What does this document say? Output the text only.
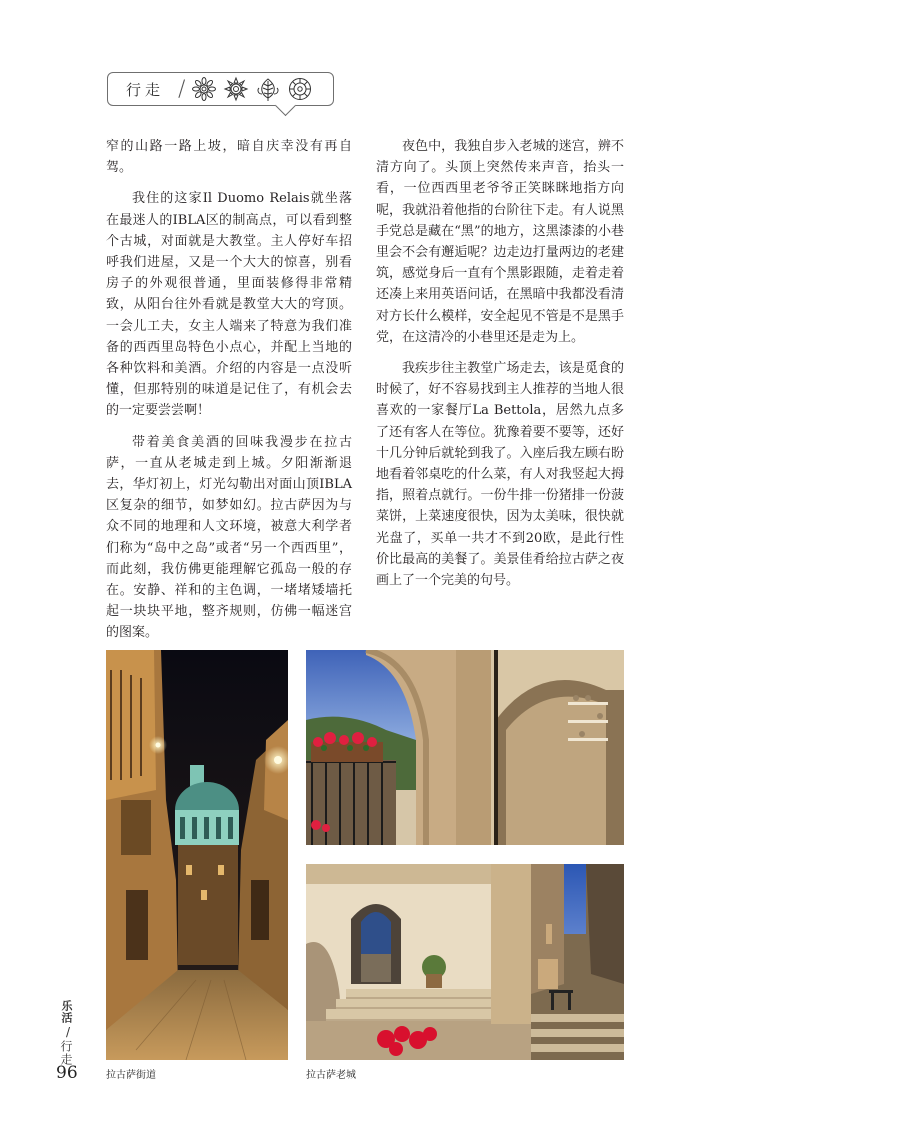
行走 /

窄的山路一路上坡，暗自庆幸没有再自驾。

我住的这家Il Duomo Relais就坐落在最迷人的IBLA区的制高点，可以看到整个古城，对面就是大教堂。主人停好车招呼我们进屋，又是一个大大的惊喜，别看房子的外观很普通，里面装修得非常精致，从阳台往外看就是教堂大大的穹顶。一会儿工夫，女主人端来了特意为我们准备的西西里岛特色小点心，并配上当地的各种饮料和美酒。介绍的内容是一点没听懂，但那特别的味道是记住了，有机会去的一定要尝尝啊！

带着美食美酒的回味我漫步在拉古萨，一直从老城走到上城。夕阳渐渐退去，华灯初上，灯光勾勒出对面山顶IBLA区复杂的细节，如梦如幻。拉古萨因为与众不同的地理和人文环境，被意大利学者们称为“岛中之岛”或者“另一个西西里”，而此刻，我仿佛更能理解它孤岛一般的存在。安静、祥和的主色调，一堵堵矮墙托起一块块平地，整齐规则，仿佛一幅迷宫的图案。

夜色中，我独自步入老城的迷宫，辨不清方向了。头顶上突然传来声音，抬头一看，一位西西里老爷爷正笑眯眯地指方向呢，我就沿着他指的台阶往下走。有人说黑手党总是藏在“黑”的地方，这黑漆漆的小巷里会不会有邂逅呢？边走边打量两边的老建筑，感觉身后一直有个黑影跟随，走着走着还凑上来用英语问话，在黑暗中我都没看清对方长什么模样，安全起见不管是不是黑手党，在这清冷的小巷里还是走为上。

我疾步往主教堂广场走去，该是觅食的时候了，好不容易找到主人推荐的当地人很喜欢的一家餐厅La Bettola，居然九点多了还有客人在等位。犹豫着要不要等，还好十几分钟后就轮到我了。入座后我左顾右盼地看着邻桌吃的什么菜，有人对我竖起大拇指，照着点就行。一份牛排一份猪排一份菠菜饼，上菜速度很快，因为太美味，很快就光盘了，买单一共才不到20欧，是此行性价比最高的美餐了。美景佳肴给拉古萨之夜画上了一个完美的句号。

拉古萨街道	拉古萨老城
乐活
/
行走
96
